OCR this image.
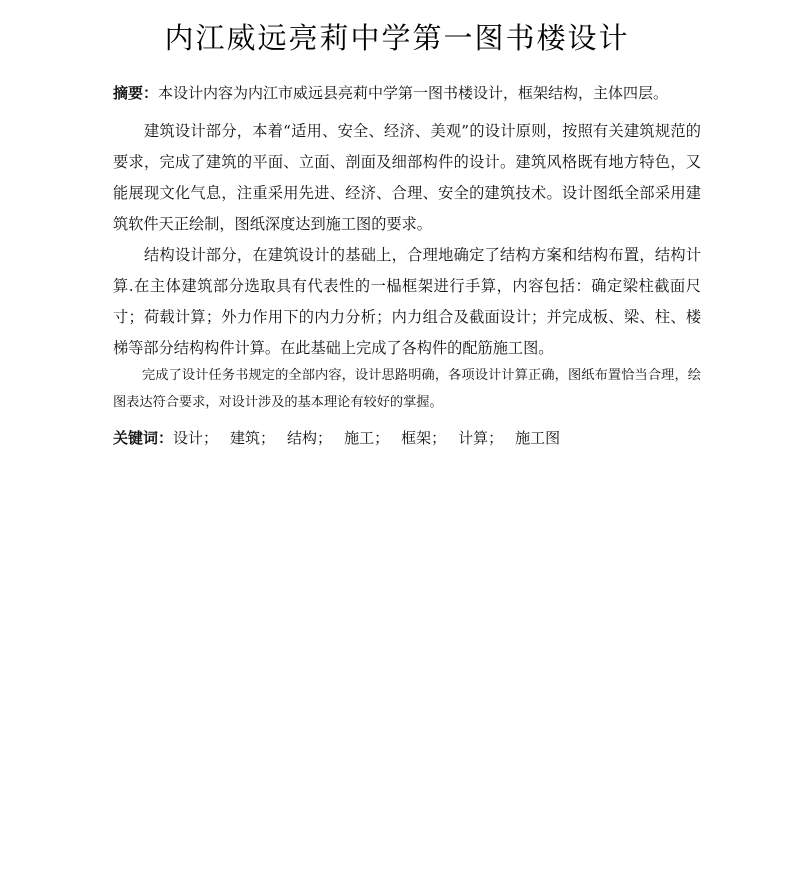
内江威远亮莉中学第一图书楼设计
摘要：本设计内容为内江市威远县亮莉中学第一图书楼设计，框架结构，主体四层。

建筑设计部分，本着“适用、安全、经济、美观”的设计原则，按照有关建筑规范的要求，完成了建筑的平面、立面、剖面及细部构件的设计。建筑风格既有地方特色，又能展现文化气息，注重采用先进、经济、合理、安全的建筑技术。设计图纸全部采用建筑软件天正绘制，图纸深度达到施工图的要求。

结构设计部分，在建筑设计的基础上，合理地确定了结构方案和结构布置，结构计算.在主体建筑部分选取具有代表性的一榀框架进行手算，内容包括：确定梁柱截面尺寸；荷载计算；外力作用下的内力分析；内力组合及截面设计；并完成板、梁、柱、楼梯等部分结构构件计算。在此基础上完成了各构件的配筋施工图。

完成了设计任务书规定的全部内容，设计思路明确，各项设计计算正确，图纸布置恰当合理，绘图表达符合要求，对设计涉及的基本理论有较好的掌握。

关键词：设计； 建筑； 结构； 施工； 框架； 计算； 施工图
